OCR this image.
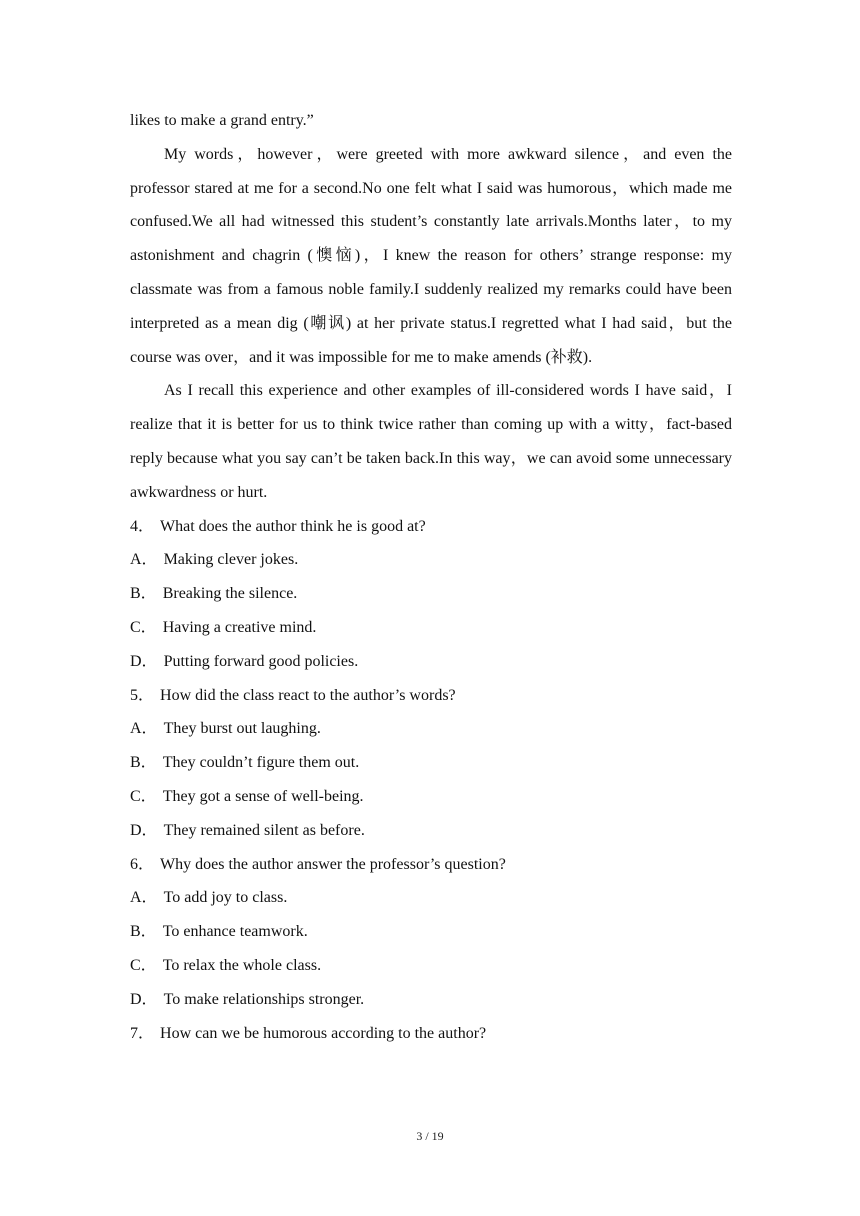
likes to make a grand entry.”

My words，however，were greeted with more awkward silence，and even the professor stared at me for a second.No one felt what I said was humorous，which made me confused.We all had witnessed this student’s constantly late arrivals.Months later，to my astonishment and chagrin (懊恼)，I knew the reason for others’ strange response: my classmate was from a famous noble family.I suddenly realized my remarks could have been interpreted as a mean dig (嘲讽) at her private status.I regretted what I had said，but the course was over，and it was impossible for me to make amends (补救).

As I recall this experience and other examples of ill-considered words I have said，I realize that it is better for us to think twice rather than coming up with a witty，fact-based reply because what you say can’t be taken back.In this way，we can avoid some unnecessary awkwardness or hurt.

4． What does the author think he is good at?

A． Making clever jokes.

B． Breaking the silence.

C． Having a creative mind.

D． Putting forward good policies.

5． How did the class react to the author’s words?

A． They burst out laughing.

B． They couldn’t figure them out.

C． They got a sense of well-being.

D． They remained silent as before.

6． Why does the author answer the professor’s question?

A． To add joy to class.

B． To enhance teamwork.

C． To relax the whole class.

D． To make relationships stronger.

7． How can we be humorous according to the author?

3 / 19
